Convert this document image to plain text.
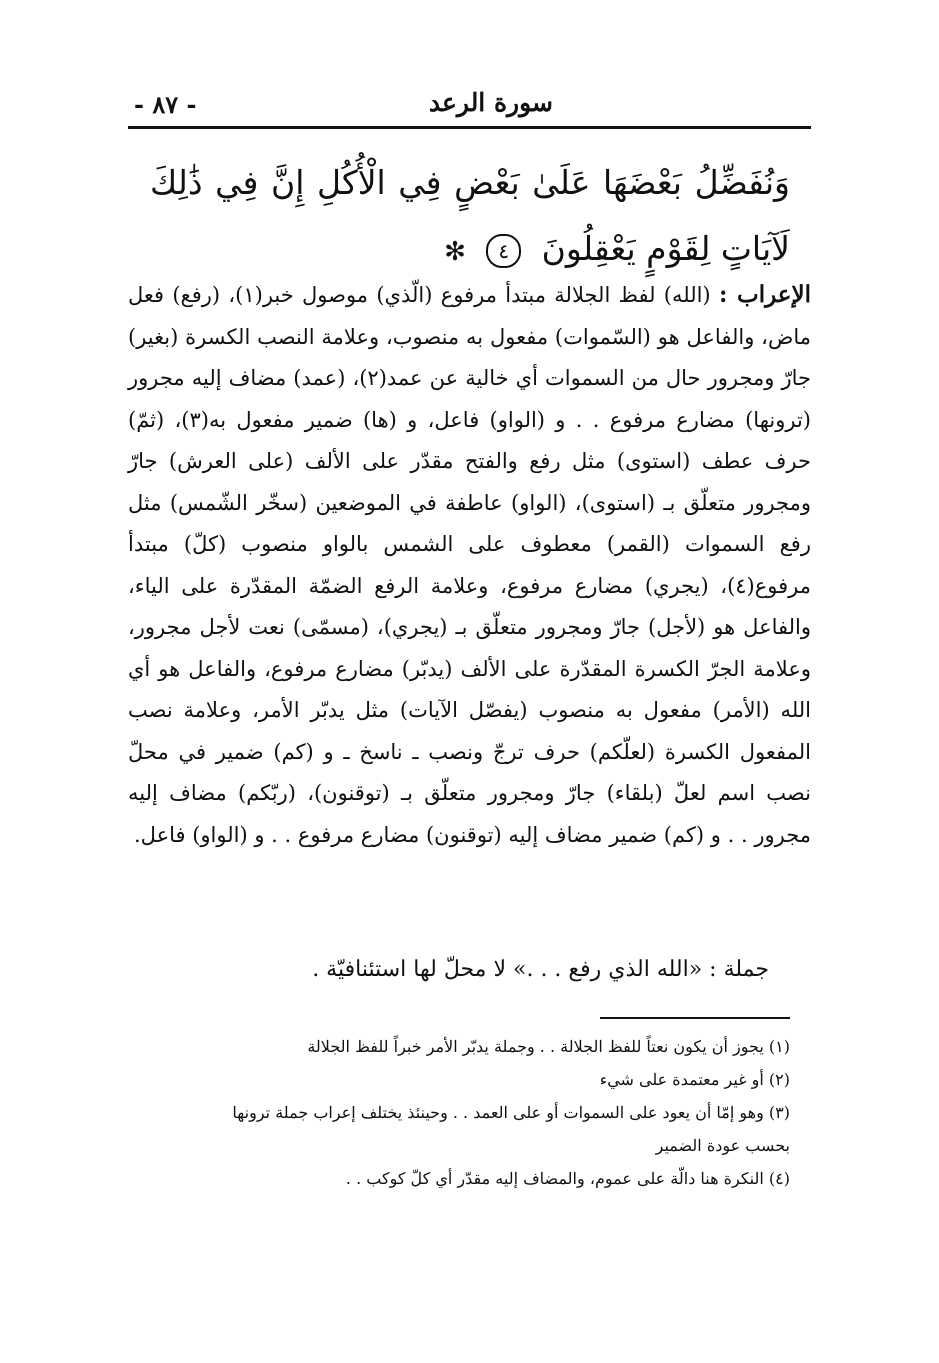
سورة الرعد
- ٨٧ -
وَنُفَضِّلُ بَعْضَهَا عَلَىٰ بَعْضٍ فِي الْأُكُلِ إِنَّ فِي ذَٰلِكَ لَآيَاتٍ لِقَوْمٍ يَعْقِلُونَ ٤ ✻
الإعراب : (الله) لفظ الجلالة مبتدأ مرفوع (الّذي) موصول خبر(١)، (رفع) فعل ماض، والفاعل هو (السّموات) مفعول به منصوب، وعلامة النصب الكسرة (بغير) جارّ ومجرور حال من السموات أي خالية عن عمد(٢)، (عمد) مضاف إليه مجرور (ترونها) مضارع مرفوع . . و (الواو) فاعل، و (ها) ضمير مفعول به(٣)، (ثمّ) حرف عطف (استوى) مثل رفع والفتح مقدّر على الألف (على العرش) جارّ ومجرور متعلّق بـ (استوى)، (الواو) عاطفة في الموضعين (سخّر الشّمس) مثل رفع السموات (القمر) معطوف على الشمس بالواو منصوب (كلّ) مبتدأ مرفوع(٤)، (يجري) مضارع مرفوع، وعلامة الرفع الضمّة المقدّرة على الياء، والفاعل هو (لأجل) جارّ ومجرور متعلّق بـ (يجري)، (مسمّى) نعت لأجل مجرور، وعلامة الجرّ الكسرة المقدّرة على الألف (يدبّر) مضارع مرفوع، والفاعل هو أي الله (الأمر) مفعول به منصوب (يفصّل الآيات) مثل يدبّر الأمر، وعلامة نصب المفعول الكسرة (لعلّكم) حرف ترجّ ونصب ـ ناسخ ـ و (كم) ضمير في محلّ نصب اسم لعلّ (بلقاء) جارّ ومجرور متعلّق بـ (توقنون)، (ربّكم) مضاف إليه مجرور . . و (كم) ضمير مضاف إليه (توقنون) مضارع مرفوع . . و (الواو) فاعل.
جملة : «الله الذي رفع . . .» لا محلّ لها استئنافيّة .
(١) يجوز أن يكون نعتاً للفظ الجلالة . . وجملة يدبّر الأمر خبراً للفظ الجلالة
(٢) أو غير معتمدة على شيء
(٣) وهو إمّا أن يعود على السموات أو على العمد . . وحينئذ يختلف إعراب جملة ترونها
بحسب عودة الضمير
(٤) النكرة هنا دالّة على عموم، والمضاف إليه مقدّر أي كلّ كوكب . .
